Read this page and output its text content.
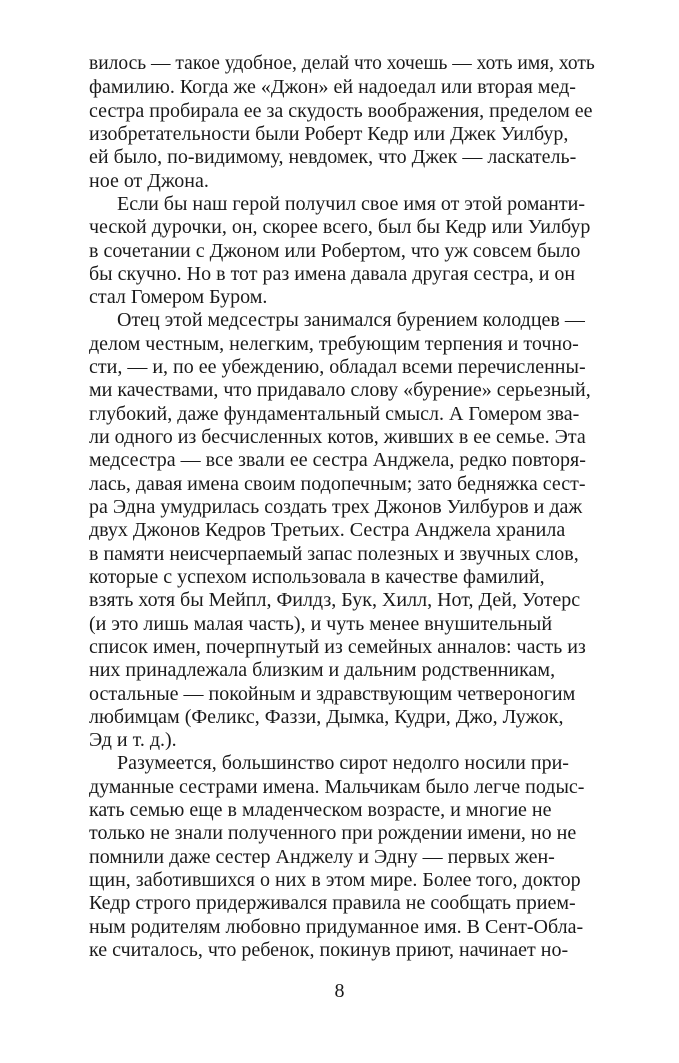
вилось — такое удобное, делай что хочешь — хоть имя, хоть
фамилию. Когда же «Джон» ей надоедал или вторая мед-
сестра пробирала ее за скудость воображения, пределом ее
изобретательности были Роберт Кедр или Джек Уилбур,
ей было, по-видимому, невдомек, что Джек — ласкатель-
ное от Джона.
Если бы наш герой получил свое имя от этой романти-
ческой дурочки, он, скорее всего, был бы Кедр или Уилбур
в сочетании с Джоном или Робертом, что уж совсем было
бы скучно. Но в тот раз имена давала другая сестра, и он
стал Гомером Буром.
Отец этой медсестры занимался бурением колодцев —
делом честным, нелегким, требующим терпения и точно-
сти, — и, по ее убеждению, обладал всеми перечисленны-
ми качествами, что придавало слову «бурение» серьезный,
глубокий, даже фундаментальный смысл. А Гомером зва-
ли одного из бесчисленных котов, живших в ее семье. Эта
медсестра — все звали ее сестра Анджела, редко повторя-
лась, давая имена своим подопечным; зато бедняжка сест-
ра Эдна умудрилась создать трех Джонов Уилбуров и даж
двух Джонов Кедров Третьих. Сестра Анджела хранила
в памяти неисчерпаемый запас полезных и звучных слов,
которые с успехом использовала в качестве фамилий,
взять хотя бы Мейпл, Филдз, Бук, Хилл, Нот, Дей, Уотерс
(и это лишь малая часть), и чуть менее внушительный
список имен, почерпнутый из семейных анналов: часть из
них принадлежала близким и дальним родственникам,
остальные — покойным и здравствующим четвероногим
любимцам (Феликс, Фаззи, Дымка, Кудри, Джо, Лужок,
Эд и т. д.).
Разумеется, большинство сирот недолго носили при-
думанные сестрами имена. Мальчикам было легче подыс-
кать семью еще в младенческом возрасте, и многие не
только не знали полученного при рождении имени, но не
помнили даже сестер Анджелу и Эдну — первых жен-
щин, заботившихся о них в этом мире. Более того, доктор
Кедр строго придерживался правила не сообщать прием-
ным родителям любовно придуманное имя. В Сент-Обла-
ке считалось, что ребенок, покинув приют, начинает но-
8
